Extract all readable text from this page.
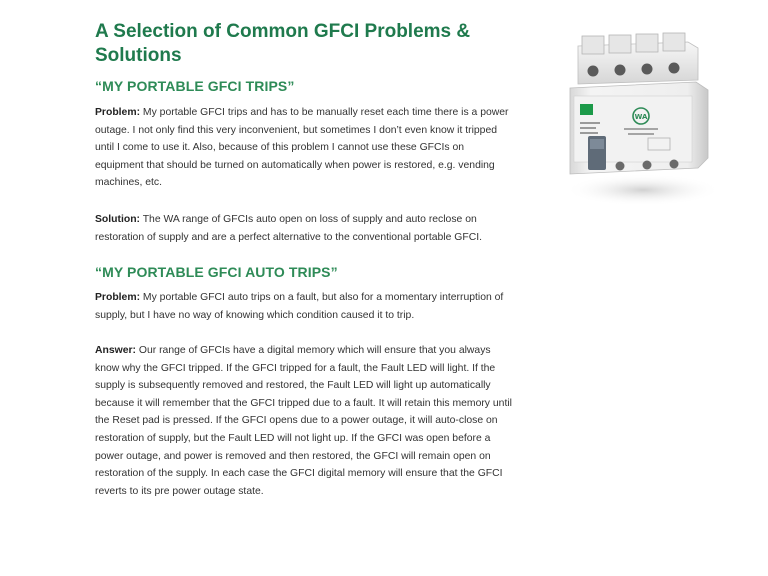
A Selection of Common GFCI Problems & Solutions
“MY PORTABLE GFCI TRIPS”

Problem: My portable GFCI trips and has to be manually reset each time there is a power outage. I not only find this very inconvenient, but sometimes I don’t even know it tripped until I come to use it. Also, because of this problem I cannot use these GFCIs on equipment that should be turned on automatically when power is restored, e.g. vending machines, etc.

Solution: The WA range of GFCIs auto open on loss of supply and auto reclose on restoration of supply and are a perfect alternative to the conventional portable GFCI.

“MY PORTABLE GFCI AUTO TRIPS”

Problem: My portable GFCI auto trips on a fault, but also for a momentary interruption of supply, but I have no way of knowing which condition caused it to trip.

Answer: Our range of GFCIs have a digital memory which will ensure that you always know why the GFCI tripped. If the GFCI tripped for a fault, the Fault LED will light. If the supply is subsequently removed and restored, the Fault LED will light up automatically because it will remember that the GFCI tripped due to a fault. It will retain this memory until the Reset pad is pressed. If the GFCI opens due to a power outage, it will auto-close on restoration of supply, but the Fault LED will not light up. If the GFCI was open before a power outage, and power is removed and then restored, the GFCI will remain open on restoration of the supply. In each case the GFCI digital memory will ensure that the GFCI reverts to its pre power outage state.

WA
